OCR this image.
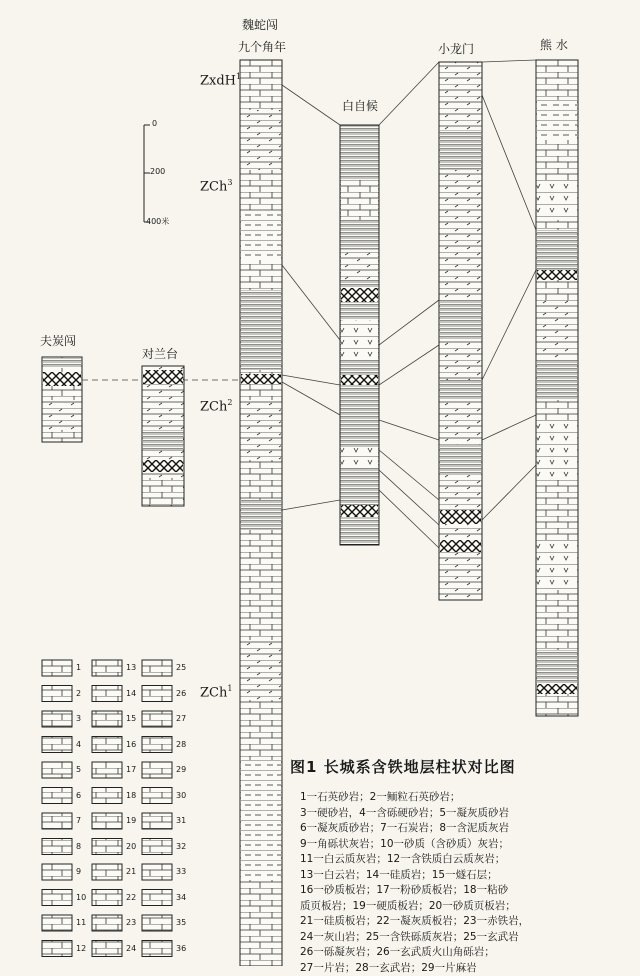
魏蛇闯
九个角年
白自候
小龙门	熊 水
夫炭闯
对兰台
ZxdH$^1$
ZCh$^3$
ZCh$^2$
ZCh$^1$
0
200
400米
图1 长城系含铁地层柱状对比图
1一石英砂岩；2一鲕粒石英砂岩；
3一硬砂岩，4一含砾硬砂岩；5一凝灰质砂岩
6一凝灰质砂岩；7一石炭岩；8一含泥质灰岩
9一角砾状灰岩；10一砂质（含砂质）灰岩；
11一白云质灰岩；12一含铁质白云质灰岩；
13一白云岩；14一硅质岩；15一燧石层；
16一砂质板岩；17一粉砂质板岩；18一粘砂
质页板岩；19一硬质板岩；20一砂质页板岩；
21一硅质板岩；22一凝灰质板岩；23一赤铁岩，
24一灰山岩；25一含铁砾质灰岩；25一玄武岩
26一砾凝灰岩；26一玄武质火山角砾岩；
27一片岩；28一玄武岩；29一片麻岩
1
2
3
4
5
6
7
8
9
10
11
12
13
14
15
16
17
18
19
20
21
22
23
24
25
26
27
28
29
30
31
32
33
34
35
36
